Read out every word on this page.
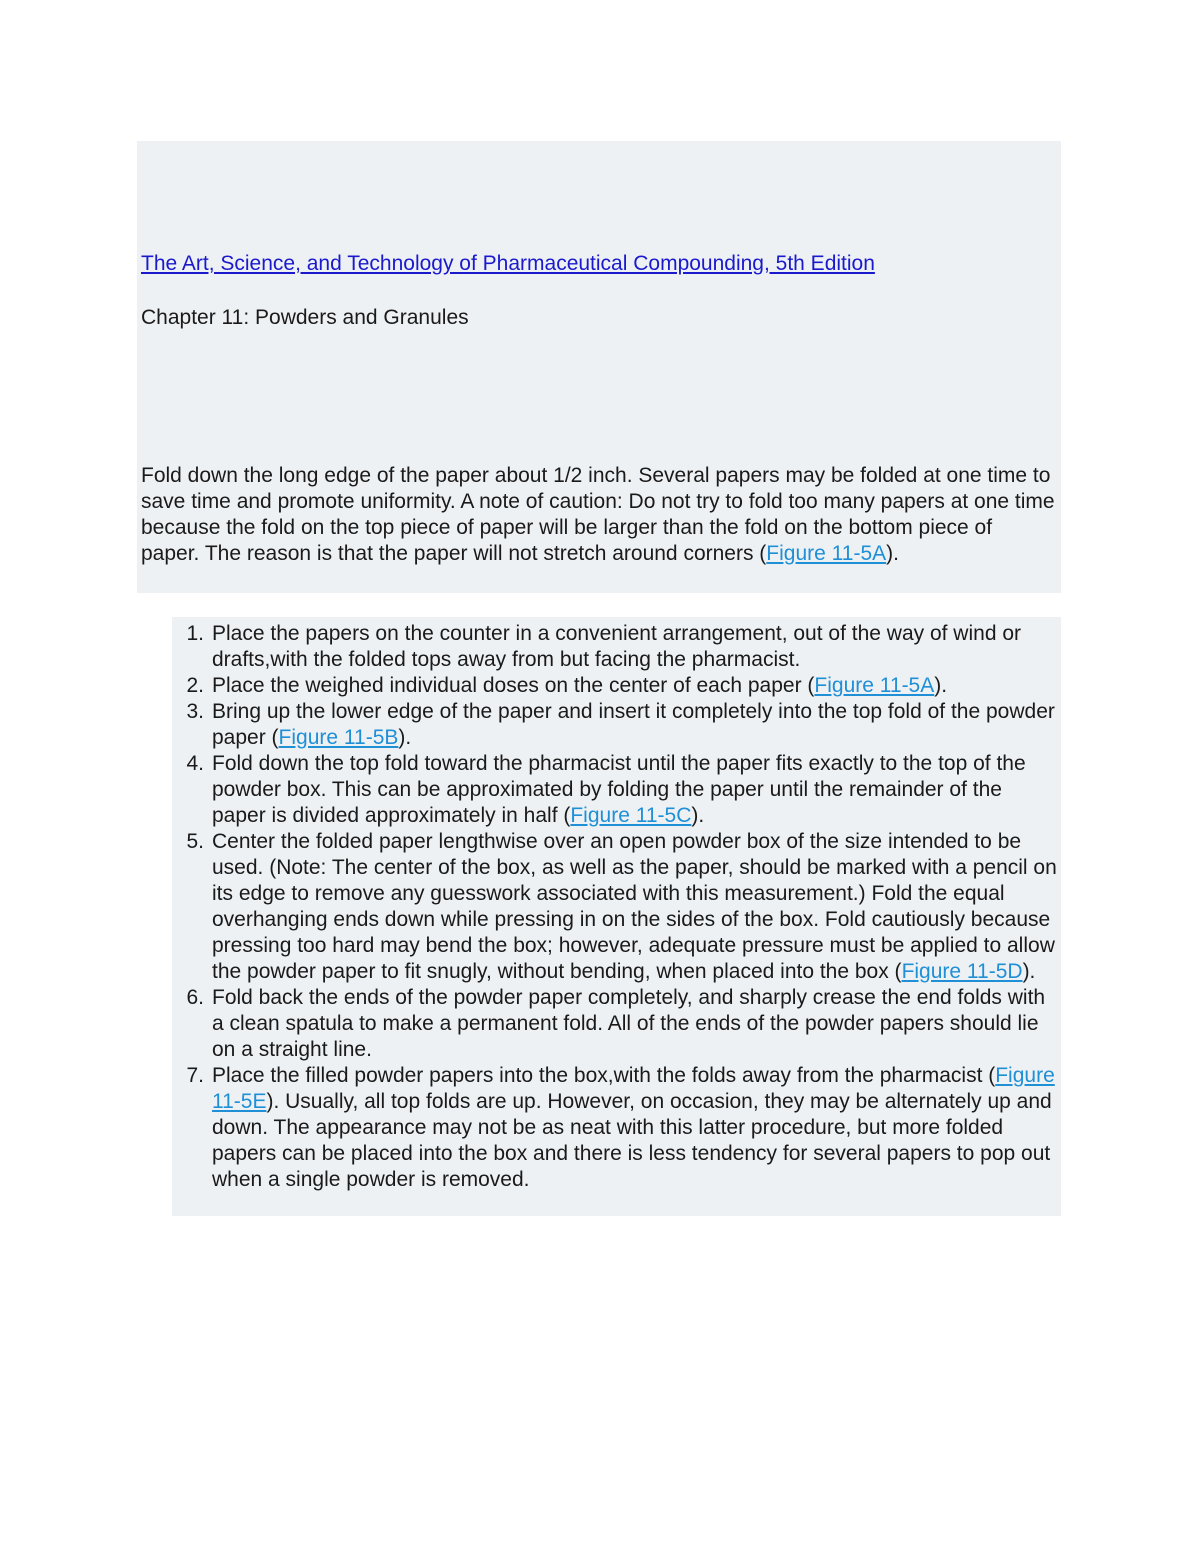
The Art, Science, and Technology of Pharmaceutical Compounding, 5th Edition
Chapter 11: Powders and Granules

Fold down the long edge of the paper about 1/2 inch. Several papers may be folded at one time to save time and promote uniformity. A note of caution: Do not try to fold too many papers at one time because the fold on the top piece of paper will be larger than the fold on the bottom piece of paper. The reason is that the paper will not stretch around corners (Figure 11-5A).

1. Place the papers on the counter in a convenient arrangement, out of the way of wind or drafts,with the folded tops away from but facing the pharmacist.
2. Place the weighed individual doses on the center of each paper (Figure 11-5A).
3. Bring up the lower edge of the paper and insert it completely into the top fold of the powder paper (Figure 11-5B).
4. Fold down the top fold toward the pharmacist until the paper fits exactly to the top of the powder box. This can be approximated by folding the paper until the remainder of the paper is divided approximately in half (Figure 11-5C).
5. Center the folded paper lengthwise over an open powder box of the size intended to be used. (Note: The center of the box, as well as the paper, should be marked with a pencil on its edge to remove any guesswork associated with this measurement.) Fold the equal overhanging ends down while pressing in on the sides of the box. Fold cautiously because pressing too hard may bend the box; however, adequate pressure must be applied to allow the powder paper to fit snugly, without bending, when placed into the box (Figure 11-5D).
6. Fold back the ends of the powder paper completely, and sharply crease the end folds with a clean spatula to make a permanent fold. All of the ends of the powder papers should lie on a straight line.
7. Place the filled powder papers into the box,with the folds away from the pharmacist (Figure 11-5E). Usually, all top folds are up. However, on occasion, they may be alternately up and down. The appearance may not be as neat with this latter procedure, but more folded papers can be placed into the box and there is less tendency for several papers to pop out when a single powder is removed.
